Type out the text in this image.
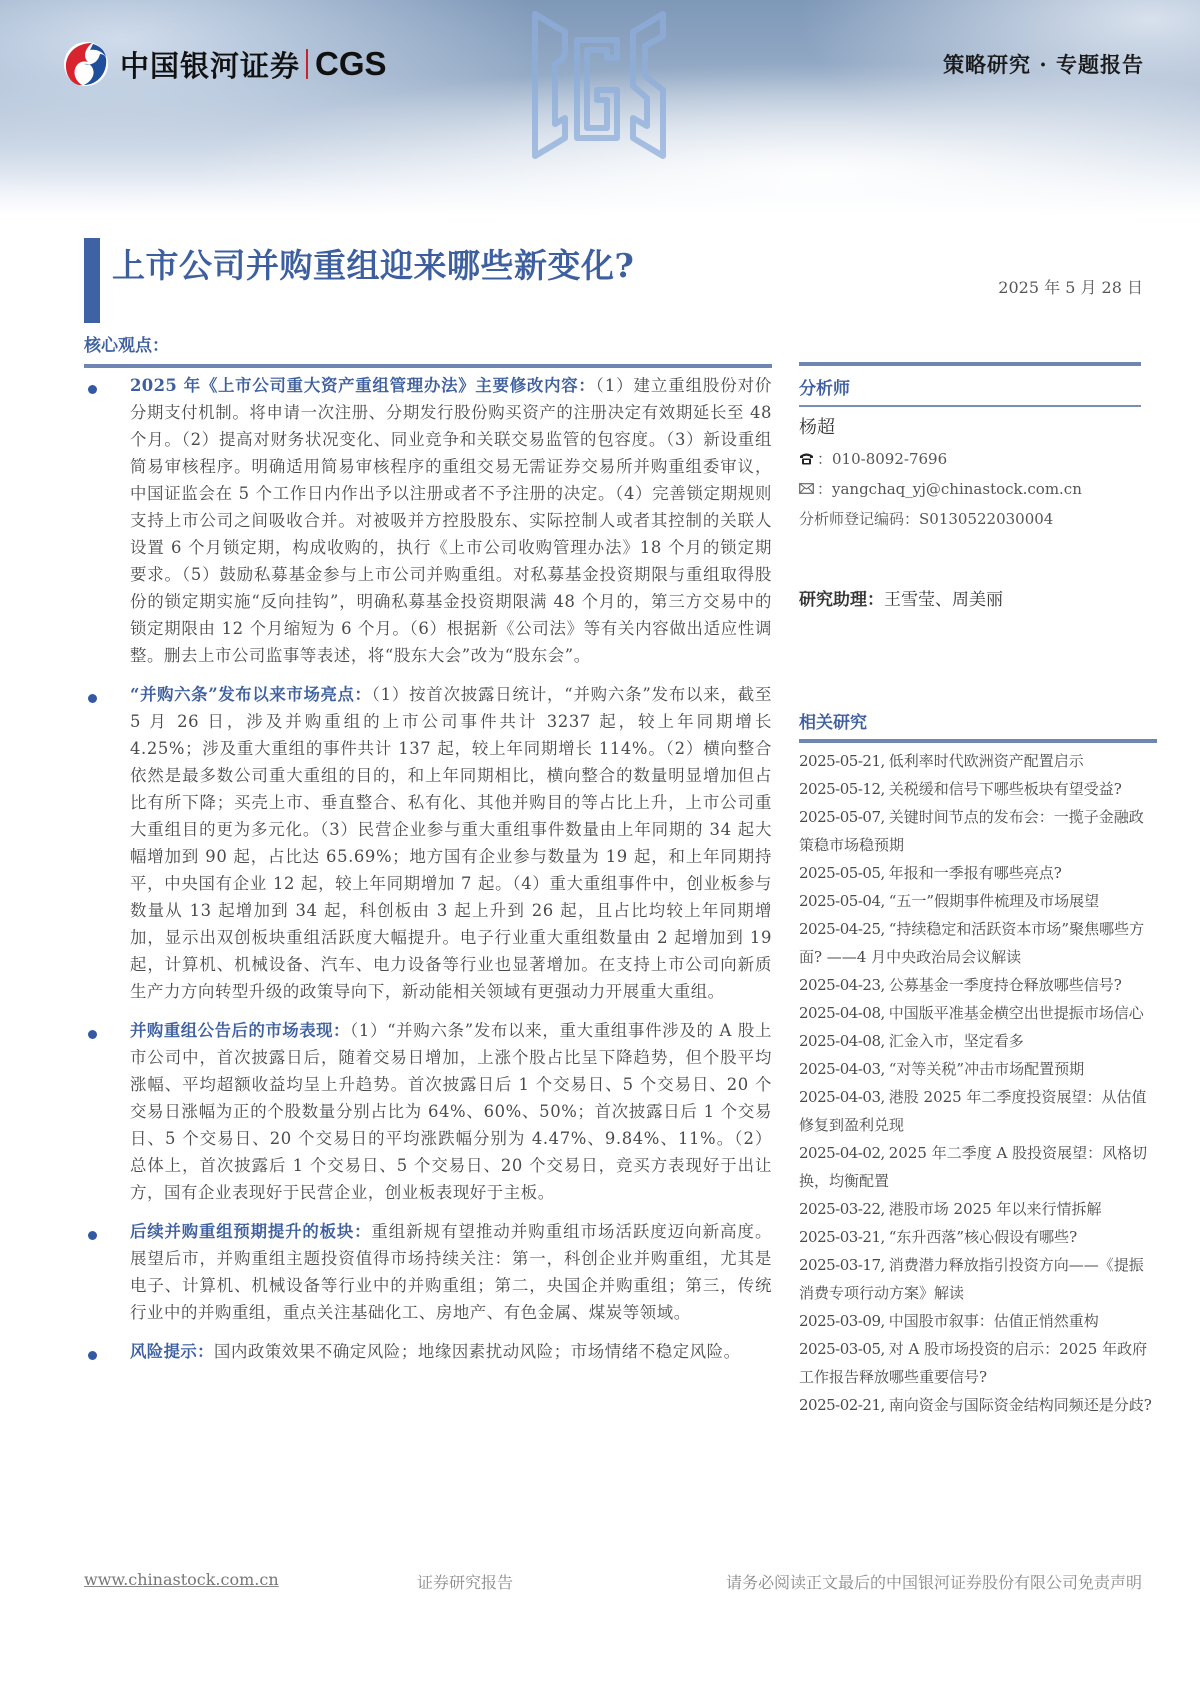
中国银河证券 CGS	策略研究 · 专题报告
上市公司并购重组迎来哪些新变化?
2025 年 5 月 28 日
核心观点：

2025 年《上市公司重大资产重组管理办法》主要修改内容：（1）建立重组股份对价分期支付机制。将申请一次注册、分期发行股份购买资产的注册决定有效期延长至 48 个月。（2）提高对财务状况变化、同业竞争和关联交易监管的包容度。（3）新设重组简易审核程序。明确适用简易审核程序的重组交易无需证券交易所并购重组委审议，中国证监会在 5 个工作日内作出予以注册或者不予注册的决定。（4）完善锁定期规则支持上市公司之间吸收合并。对被吸并方控股股东、实际控制人或者其控制的关联人设置 6 个月锁定期，构成收购的，执行《上市公司收购管理办法》18 个月的锁定期要求。（5）鼓励私募基金参与上市公司并购重组。对私募基金投资期限与重组取得股份的锁定期实施“反向挂钩”，明确私募基金投资期限满 48 个月的，第三方交易中的锁定期限由 12 个月缩短为 6 个月。（6）根据新《公司法》等有关内容做出适应性调整。删去上市公司监事等表述，将“股东大会”改为“股东会”。

“并购六条”发布以来市场亮点：（1）按首次披露日统计，“并购六条”发布以来，截至 5 月 26 日，涉及并购重组的上市公司事件共计 3237 起，较上年同期增长 4.25%；涉及重大重组的事件共计 137 起，较上年同期增长 114%。（2）横向整合依然是最多数公司重大重组的目的，和上年同期相比，横向整合的数量明显增加但占比有所下降；买壳上市、垂直整合、私有化、其他并购目的等占比上升，上市公司重大重组目的更为多元化。（3）民营企业参与重大重组事件数量由上年同期的 34 起大幅增加到 90 起，占比达 65.69%；地方国有企业参与数量为 19 起，和上年同期持平，中央国有企业 12 起，较上年同期增加 7 起。（4）重大重组事件中，创业板参与数量从 13 起增加到 34 起，科创板由 3 起上升到 26 起，且占比均较上年同期增加，显示出双创板块重组活跃度大幅提升。电子行业重大重组数量由 2 起增加到 19 起，计算机、机械设备、汽车、电力设备等行业也显著增加。在支持上市公司向新质生产力方向转型升级的政策导向下，新动能相关领域有更强动力开展重大重组。

并购重组公告后的市场表现：（1）“并购六条”发布以来，重大重组事件涉及的 A 股上市公司中，首次披露日后，随着交易日增加，上涨个股占比呈下降趋势，但个股平均涨幅、平均超额收益均呈上升趋势。首次披露日后 1 个交易日、5 个交易日、20 个交易日涨幅为正的个股数量分别占比为 64%、60%、50%；首次披露日后 1 个交易日、5 个交易日、20 个交易日的平均涨跌幅分别为 4.47%、9.84%、11%。（2）总体上，首次披露后 1 个交易日、5 个交易日、20 个交易日，竞买方表现好于出让方，国有企业表现好于民营企业，创业板表现好于主板。

后续并购重组预期提升的板块：重组新规有望推动并购重组市场活跃度迈向新高度。展望后市，并购重组主题投资值得市场持续关注：第一，科创企业并购重组，尤其是电子、计算机、机械设备等行业中的并购重组；第二，央国企并购重组；第三，传统行业中的并购重组，重点关注基础化工、房地产、有色金属、煤炭等领域。

风险提示：国内政策效果不确定风险；地缘因素扰动风险；市场情绪不稳定风险。

分析师
杨超
：010-8092-7696
：yangchaq_yj@chinastock.com.cn
分析师登记编码：S0130522030004
研究助理：王雪莹、周美丽
相关研究
2025-05-21, 低利率时代欧洲资产配置启示
2025-05-12, 关税缓和信号下哪些板块有望受益?
2025-05-07, 关键时间节点的发布会：一揽子金融政策稳市场稳预期
2025-05-05, 年报和一季报有哪些亮点?
2025-05-04, “五一”假期事件梳理及市场展望
2025-04-25, “持续稳定和活跃资本市场”聚焦哪些方面? ——4 月中央政治局会议解读
2025-04-23, 公募基金一季度持仓释放哪些信号?
2025-04-08, 中国版平准基金横空出世提振市场信心
2025-04-08, 汇金入市，坚定看多
2025-04-03, “对等关税”冲击市场配置预期
2025-04-03, 港股 2025 年二季度投资展望：从估值修复到盈利兑现
2025-04-02, 2025 年二季度 A 股投资展望：风格切换，均衡配置
2025-03-22, 港股市场 2025 年以来行情拆解
2025-03-21, “东升西落”核心假设有哪些?
2025-03-17, 消费潜力释放指引投资方向——《提振消费专项行动方案》解读
2025-03-09, 中国股市叙事：估值正悄然重构
2025-03-05, 对 A 股市场投资的启示：2025 年政府工作报告释放哪些重要信号?
2025-02-21, 南向资金与国际资金结构同频还是分歧?
www.chinastock.com.cn	证券研究报告	请务必阅读正文最后的中国银河证券股份有限公司免责声明
